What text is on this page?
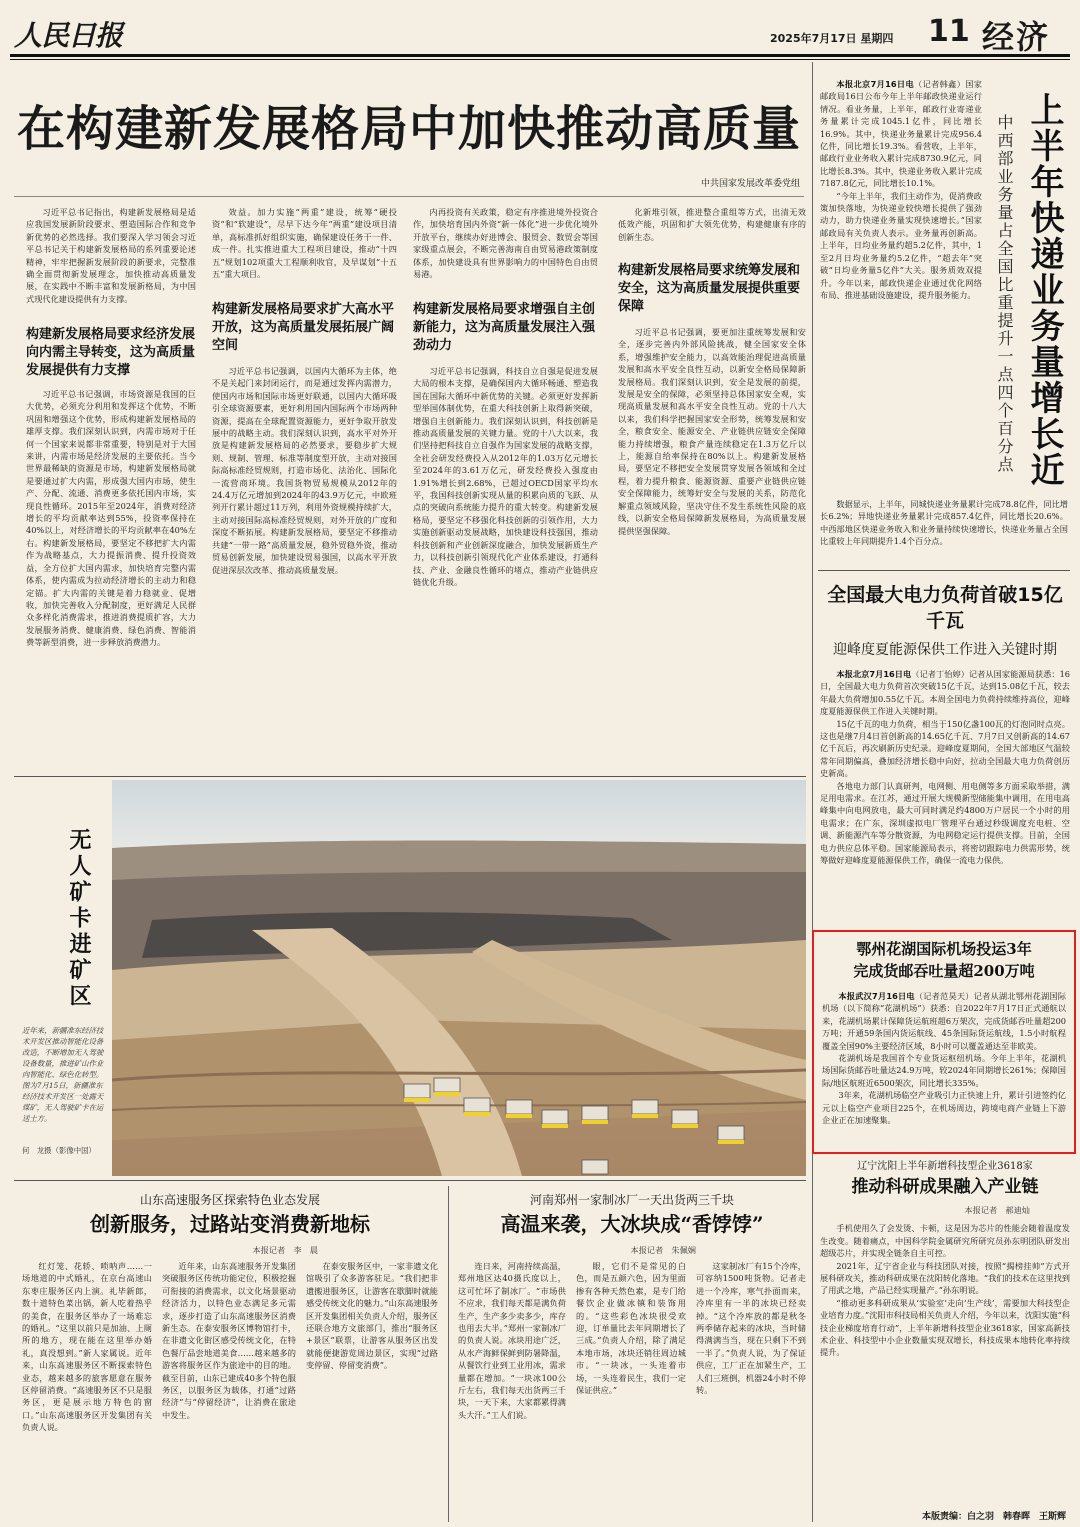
人民日报	2025年7月17日 星期四	11 经济
在构建新发展格局中加快推动高质量
中共国家发展改革委党组
习近平总书记指出，构建新发展格局是适应我国发展新阶段要求、塑造国际合作和竞争新优势的必然选择。我们要深入学习领会习近平总书记关于构建新发展格局的系列重要论述精神，牢牢把握新发展阶段的新要求，完整准确全面贯彻新发展理念，加快推动高质量发展，在实践中不断丰富和发展新格局，为中国式现代化建设提供有力支撑。
构建新发展格局要求经济发展向内需主导转变，这为高质量发展提供有力支撑
习近平总书记强调，市场资源是我国的巨大优势，必须充分利用和发挥这个优势，不断巩固和增强这个优势，形成构建新发展格局的雄厚支撑。我们深刻认识到，内需市场对于任何一个国家来说都非常重要，特别是对于大国来讲，内需市场是经济发展的主要依托。当今世界最稀缺的资源是市场，构建新发展格局就是要通过扩大内需，形成强大国内市场，使生产、分配、流通、消费更多依托国内市场，实现良性循环。2015年至2024年，消费对经济增长的平均贡献率达到55%，投资率保持在40%以上，对经济增长的平均贡献率在40%左右。构建新发展格局，要坚定不移把扩大内需作为战略基点，大力提振消费、提升投资效益，全方位扩大国内需求，加快培育完整内需体系，使内需成为拉动经济增长的主动力和稳定锚。扩大内需的关键是着力稳就业、促增收，加快完善收入分配制度，更好满足人民群众多样化消费需求，推进消费提质扩容，大力发展服务消费、健康消费、绿色消费、智能消费等新型消费，进一步释放消费潜力。
效益。加力实施“两重”建设，统筹“硬投资”和“软建设”，尽早下达今年“两重”建设项目清单，高标准抓好组织实施，确保建设任务干一件、成一件。扎实推进重大工程项目建设，推动“十四五”规划102项重大工程顺利收官，及早谋划“十五五”重大项目。
构建新发展格局要求扩大高水平开放，这为高质量发展拓展广阔空间
习近平总书记强调，以国内大循环为主体，绝不是关起门来封闭运行，而是通过发挥内需潜力，使国内市场和国际市场更好联通，以国内大循环吸引全球资源要素，更好利用国内国际两个市场两种资源，提高在全球配置资源能力，更好争取开放发展中的战略主动。我们深刻认识到，高水平对外开放是构建新发展格局的必然要求，要稳步扩大规则、规制、管理、标准等制度型开放，主动对接国际高标准经贸规则，打造市场化、法治化、国际化一流营商环境。我国货物贸易规模从2012年的24.4万亿元增加到2024年的43.9万亿元，中欧班列开行累计超过11万列，利用外资规模持续扩大，主动对接国际高标准经贸规则，对外开放的广度和深度不断拓展。构建新发展格局，要坚定不移推动共建“一带一路”高质量发展，稳外贸稳外资，推动贸易创新发展，加快建设贸易强国，以高水平开放促进深层次改革、推动高质量发展。
内再投资有关政策，稳定有序推进境外投资合作，加快培育国内外资“新一体化”进一步优化境外开放平台，继续办好进博会、服贸会、数贸会等国家级重点展会，不断完善海南自由贸易港政策制度体系，加快建设具有世界影响力的中国特色自由贸易港。
构建新发展格局要求增强自主创新能力，这为高质量发展注入强劲动力
习近平总书记强调，科技自立自强是促进发展大局的根本支撑，是确保国内大循环畅通、塑造我国在国际大循环中新优势的关键。必须更好发挥新型举国体制优势，在重大科技创新上取得新突破，增强自主创新能力。我们深刻认识到，科技创新是推动高质量发展的关键力量。党的十八大以来，我们坚持把科技自立自强作为国家发展的战略支撑，全社会研发经费投入从2012年的1.03万亿元增长至2024年的3.61万亿元，研发经费投入强度由1.91%增长到2.68%，已超过OECD国家平均水平，我国科技创新实现从量的积累向质的飞跃、从点的突破向系统能力提升的重大转变。构建新发展格局，要坚定不移强化科技创新的引领作用，大力实施创新驱动发展战略，加快建设科技强国，推动科技创新和产业创新深度融合，加快发展新质生产力，以科技创新引领现代化产业体系建设，打通科技、产业、金融良性循环的堵点，推动产业链供应链优化升级。
化新堆引领，推进整合重组等方式，出清无效低效产能，巩固和扩大领先优势，构建健康有序的创新生态。
构建新发展格局要求统筹发展和安全，这为高质量发展提供重要保障
习近平总书记强调，要更加注重统筹发展和安全，逐步完善内外部风险挑战，健全国家安全体系，增强维护安全能力，以高效能治理促进高质量发展和高水平安全良性互动，以新安全格局保障新发展格局。我们深刻认识到，安全是发展的前提，发展是安全的保障，必须坚持总体国家安全观，实现高质量发展和高水平安全良性互动。党的十八大以来，我们科学把握国家安全形势，统筹发展和安全，粮食安全、能源安全、产业链供应链安全保障能力持续增强，粮食产量连续稳定在1.3万亿斤以上，能源自给率保持在80%以上。构建新发展格局，要坚定不移把安全发展贯穿发展各领域和全过程，着力提升粮食、能源资源、重要产业链供应链安全保障能力，统筹好安全与发展的关系，防范化解重点领域风险，坚决守住不发生系统性风险的底线，以新安全格局保障新发展格局，为高质量发展提供坚强保障。
本报北京7月16日电（记者韩鑫）国家邮政局16日公布今年上半年邮政快递业运行情况。看业务量，上半年，邮政行业寄递业务量累计完成1045.1亿件，同比增长16.9%。其中，快递业务量累计完成956.4亿件，同比增长19.3%。看营收，上半年，邮政行业业务收入累计完成8730.9亿元，同比增长8.3%。其中，快递业务收入累计完成7187.8亿元，同比增长10.1%。

“今年上半年，我们主动作为，促消费政策加快落地，为快递业较快增长提供了强劲动力，助力快递业务量实现快速增长。”国家邮政局有关负责人表示。业务量再创新高。上半年，日均业务量约超5.2亿件，其中，1至2月日均业务量约5.2亿件，“超去年”突破“日均业务量5亿件”大关。服务质效双提升。今年以来，邮政快递企业通过优化网络布局、推进基础设施建设，提升服务能力。

上半年快递业务量增长近
中西部业务量占全国比重提升一点四个百分点
数据显示，上半年，同城快递业务量累计完成78.8亿件，同比增长6.2%；异地快递业务量累计完成857.4亿件，同比增长20.6%。中西部地区快递业务收入和业务量持续快速增长，快递业务量占全国比重较上年同期提升1.4个百分点。
全国最大电力负荷首破15亿千瓦
迎峰度夏能源保供工作进入关键时期
本报北京7月16日电（记者丁怡婷）记者从国家能源局获悉：16日，全国最大电力负荷首次突破15亿千瓦，达到15.08亿千瓦，较去年最大负荷增加0.55亿千瓦。本周全国电力负荷持续维持高位，迎峰度夏能源保供工作进入关键时期。

15亿千瓦的电力负荷，相当于150亿盏100瓦的灯泡同时点亮。这也是继7月4日首创新高的14.65亿千瓦、7月7日又创新高的14.67亿千瓦后，再次刷新历史纪录。迎峰度夏期间，全国大部地区气温较常年同期偏高，叠加经济增长稳中向好，拉动全国最大电力负荷创历史新高。

各地电力部门认真研判，电网侧、用电侧等多方面采取举措，满足用电需求。在江苏，通过开展大规模新型储能集中调用，在用电高峰集中向电网放电，最大可同时满足约4800万户居民一个小时的用电需求；在广东，深圳虚拟电厂管理平台通过秒级调度充电桩、空调、新能源汽车等分散资源，为电网稳定运行提供支撑。目前，全国电力供应总体平稳。国家能源局表示，将密切跟踪电力供需形势，统筹做好迎峰度夏能源保供工作，确保一流电力保供。

鄂州花湖国际机场投运3年
完成货邮吞吐量超200万吨
本报武汉7月16日电（记者范昊天）记者从湖北鄂州花湖国际机场（以下简称“花湖机场”）获悉：自2022年7月17日正式通航以来，花湖机场累计保障货运航班超6万架次，完成货邮吞吐量超200万吨；开通59条国内货运航线、45条国际货运航线，1.5小时航程覆盖全国90%主要经济区域，8小时可以覆盖通达至非欧美。

花湖机场是我国首个专业货运枢纽机场。今年上半年，花湖机场国际货邮吞吐量达24.9万吨，较2024年同期增长261%；保障国际/地区航班近6500架次，同比增长335%。

3年来，花湖机场临空产业吸引力正快速上升，累计引进签约亿元以上临空产业项目225个，在机场周边，跨境电商产业链上下游企业正在加速聚集。

辽宁沈阳上半年新增科技型企业3618家
推动科研成果融入产业链
本报记者　郝迪灿

手机使用久了会发烫、卡顿，这是因为芯片的性能会随着温度发生改变。随着痛点，中国科学院金属研究所研究员孙东明团队研发出超级芯片，并实现全链条自主可控。

2021年，辽宁省企业与科技团队对接，按照“揭榜挂帅”方式开展科研攻关，推动科研成果在沈阳转化落地。“我们的技术在这里找到了用武之地，产品已经实现量产。”孙东明说。

“推动更多科研成果从‘实验室’走向‘生产线’，需要加大科技型企业培育力度。”沈阳市科技局相关负责人介绍，今年以来，沈阳实施“科技企业梯度培育行动”，上半年新增科技型企业3618家，国家高新技术企业、科技型中小企业数量实现双增长，科技成果本地转化率持续提升。

本版责编：白之羽　韩春晖　王斯辉
无人矿卡进矿区
近年来，新疆准东经济技术开发区推动智能化设备改造，不断增加无人驾驶设备数量，推进矿山作业向智能化、绿色化转型。图为7月15日，新疆准东经济技术开发区一处露天煤矿，无人驾驶矿卡在运送土方。
何　龙摄（影像中国）
山东高速服务区探索特色业态发展
创新服务，过路站变消费新地标
本报记者　李　晨
红灯笼、花轿、唢呐声……一场地道的中式婚礼，在京台高速山东枣庄服务区内上演。礼毕新郎，数十道特色菜出锅，新人吃着热乎的美食，在服务区举办了一场难忘的婚礼。“这里以前只是加油、上厕所的地方，现在能在这里举办婚礼，真没想到。”新人家属说。近年来，山东高速服务区不断探索特色业态，越来越多的旅客愿意在服务区停留消费。“高速服务区不只是服务区，更是展示地方特色的窗口。”山东高速服务区开发集团有关负责人说。
近年来，山东高速服务开发集团突破服务区传统功能定位，积极挖掘可衔接的消费需求，以文化场景驱动经济活力，以特色业态满足多元需求，逐步打造了山东高速服务区消费新生态。在泰安服务区博物馆打卡，在非遗文化街区感受传统文化，在特色餐厅品尝地道美食……越来越多的游客将服务区作为旅途中的目的地。截至目前，山东已建成40多个特色服务区，以服务区为载体，打通“过路经济”与“停留经济”，让消费在旅途中发生。
在泰安服务区中，一家非遗文化馆吸引了众多游客驻足。“我们把非遗搬进服务区，让游客在歇脚时就能感受传统文化的魅力。”山东高速服务区开发集团相关负责人介绍，服务区还联合地方文旅部门，推出“服务区+景区”联票，让游客从服务区出发就能便捷游览周边景区，实现“过路变停留、停留变消费”。
河南郑州一家制冰厂一天出货两三千块
高温来袭，大冰块成“香饽饽”
本报记者　朱佩娴
连日来，河南持续高温，郑州地区达40摄氏度以上，这可忙坏了制冰厂。“市场供不应求，我们每天都是满负荷生产，生产多少卖多少，库存也用去大半。”郑州一家制冰厂的负责人说。冰块用途广泛，从水产海鲜保鲜到防暑降温，从餐饮行业到工业用冰，需求量都在增加。“一块冰100公斤左右，我们每天出货两三千块，一天下来，大家都累得满头大汗。”工人们说。
眼，它们不是常见的白色，而是五颜六色，因为里面掺有各种天然色素，是专门给餐饮企业做冰镇和装饰用的。“这些彩色冰块很受欢迎，订单量比去年同期增长了三成。”负责人介绍，除了满足本地市场，冰块还销往周边城市。“一块冰，一头连着市场，一头连着民生，我们一定保证供应。”
这家制冰厂有15个冷库，可容纳1500吨货物。记者走进一个冷库，寒气扑面而来，冷库里有一半的冰块已经卖掉。“这个冷库放的都是秋冬两季储存起来的冰块，当时储得满满当当，现在只剩下不到一半了。”负责人说，为了保证供应，工厂正在加紧生产，工人们三班倒，机器24小时不停转。
